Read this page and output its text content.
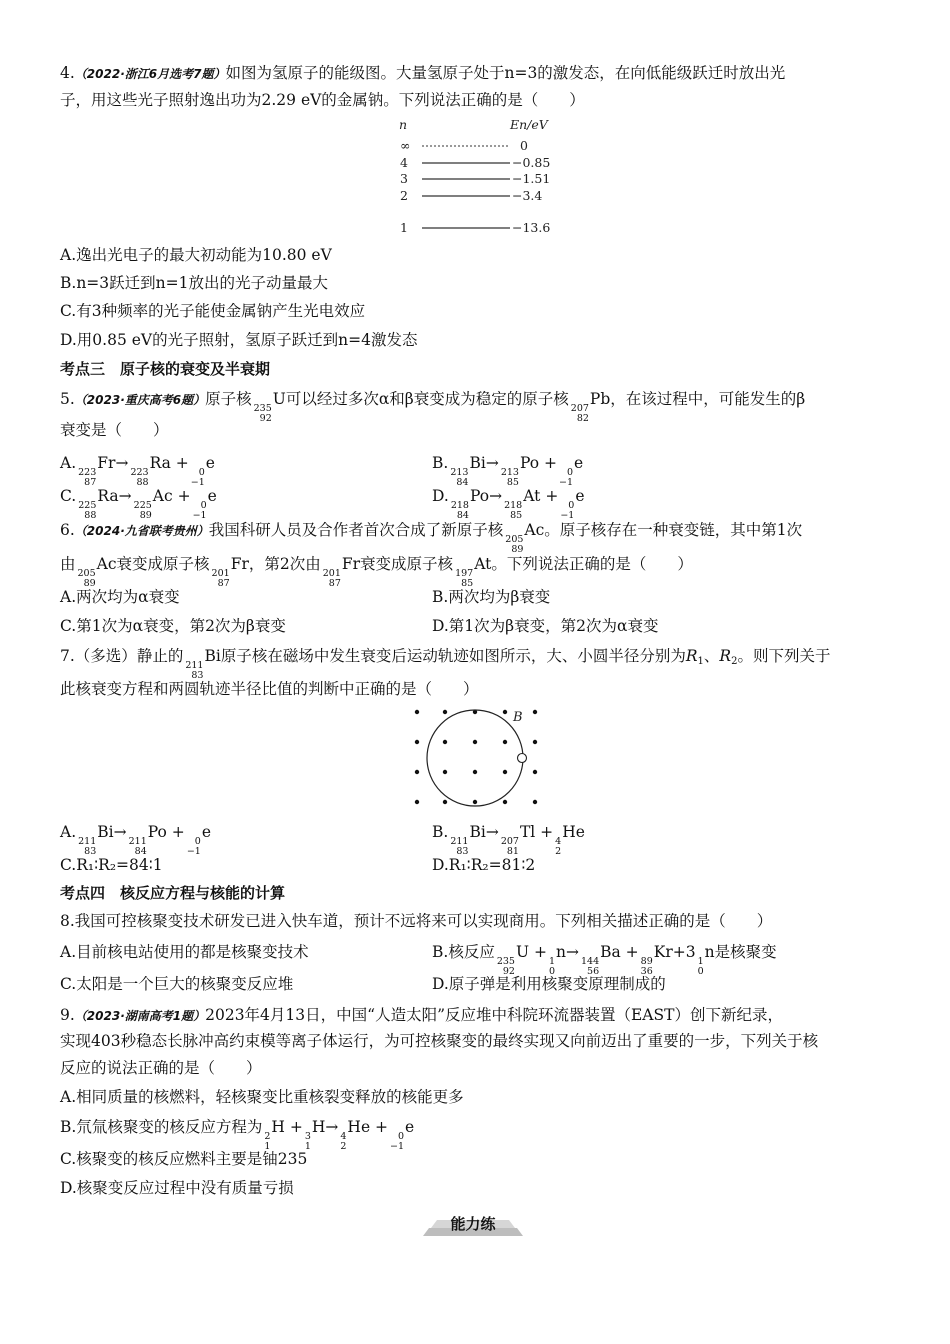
4.（2022·浙江6月选考7题）如图为氢原子的能级图。大量氢原子处于n=3的激发态，在向低能级跃迁时放出光
子，用这些光子照射逸出功为2.29 eV的金属钠。下列说法正确的是（　　）
n	En/eV
∞
4
3
2
1
0
−0.85
−1.51
−3.4
−13.6
A.逸出光电子的最大初动能为10.80 eV
B.n=3跃迁到n=1放出的光子动量最大
C.有3种频率的光子能使金属钠产生光电效应
D.用0.85 eV的光子照射，氢原子跃迁到n=4激发态
考点三　原子核的衰变及半衰期
5.（2023·重庆高考6题）原子核
235
92
U可以经过多次α和β衰变成为稳定的原子核
207
82
Pb，在该过程中，可能发生的β
衰变是（　　）
A.
223
87
Fr→
223
88
Ra +
0
−1
e	B.
213
84
Bi→
213
85
Po +
0
−1
e
C.
225
88
Ra→
225
89
Ac +
0
−1
e	D.
218
84
Po→
218
85
At +
0
−1
e
6.（2024·九省联考贵州）我国科研人员及合作者首次合成了新原子核
205
89
Ac。原子核存在一种衰变链，其中第1次
由
205
89
Ac衰变成原子核
201
87
Fr，第2次由
201
87
Fr衰变成原子核
197
85
At。下列说法正确的是（　　）
A.两次均为α衰变	B.两次均为β衰变
C.第1次为α衰变，第2次为β衰变	D.第1次为β衰变，第2次为α衰变
7.（多选）静止的
211
83
Bi原子核在磁场中发生衰变后运动轨迹如图所示，大、小圆半径分别为$R_1$、$R_2$。则下列关于
此核衰变方程和两圆轨迹半径比值的判断中正确的是（　　）
B
A.
211
83
Bi→
211
84
Po +
0
−1
e	B.
211
83
Bi→
207
81
Tl +
4
2
He
C.R₁∶R₂=84∶1	D.R₁∶R₂=81∶2
考点四　核反应方程与核能的计算
8.我国可控核聚变技术研发已进入快车道，预计不远将来可以实现商用。下列相关描述正确的是（　　）
A.目前核电站使用的都是核聚变技术	B.核反应
235
92
U +
1
0
n→
144
56
Ba +
89
36
Kr+3
1
0
n是核聚变
C.太阳是一个巨大的核聚变反应堆	D.原子弹是利用核聚变原理制成的
9.（2023·湖南高考1题）2023年4月13日，中国“人造太阳”反应堆中科院环流器装置（EAST）创下新纪录，
实现403秒稳态长脉冲高约束模等离子体运行，为可控核聚变的最终实现又向前迈出了重要的一步，下列关于核
反应的说法正确的是（　　）
A.相同质量的核燃料，轻核聚变比重核裂变释放的核能更多
B.氘氚核聚变的核反应方程为
2
1
H +
3
1
H→
4
2
He +
0
−1
e
C.核聚变的核反应燃料主要是铀235
D.核聚变反应过程中没有质量亏损
能力练
